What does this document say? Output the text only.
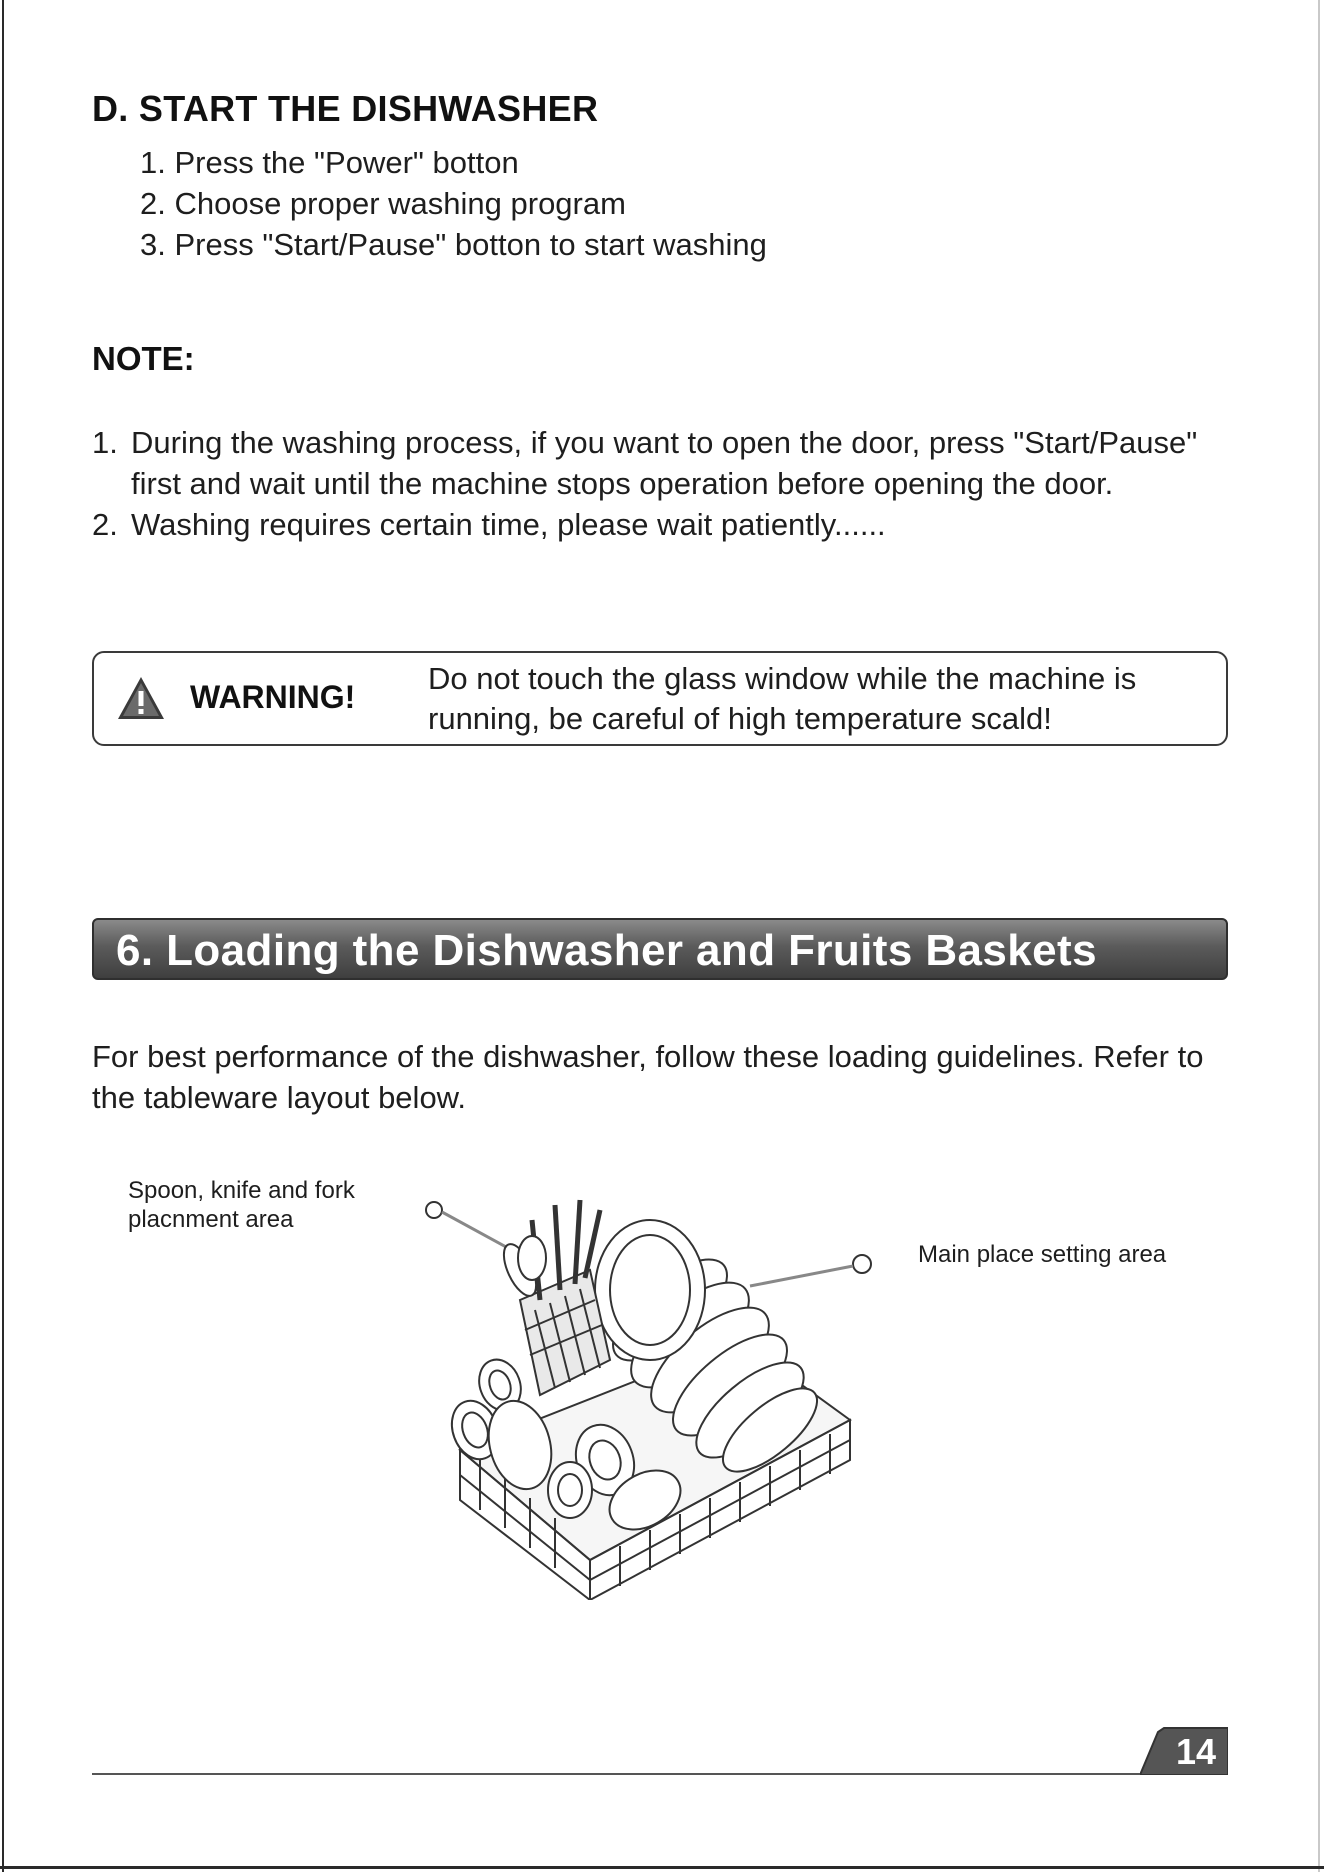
D. START THE DISHWASHER
1. Press the "Power" botton
2. Choose proper washing program
3. Press "Start/Pause" botton to start washing
NOTE:
1. During the washing process, if you want to open the door, press "Start/Pause" first and wait until the machine stops operation before opening the door.
2. Washing requires certain time, please wait patiently......
WARNING!
Do not touch the glass window while the machine is running, be careful of high temperature scald!
6. Loading the Dishwasher and Fruits Baskets

For best performance of the dishwasher, follow these loading guidelines. Refer to the tableware layout below.

Spoon, knife and fork placnment area

Main place setting area

14
